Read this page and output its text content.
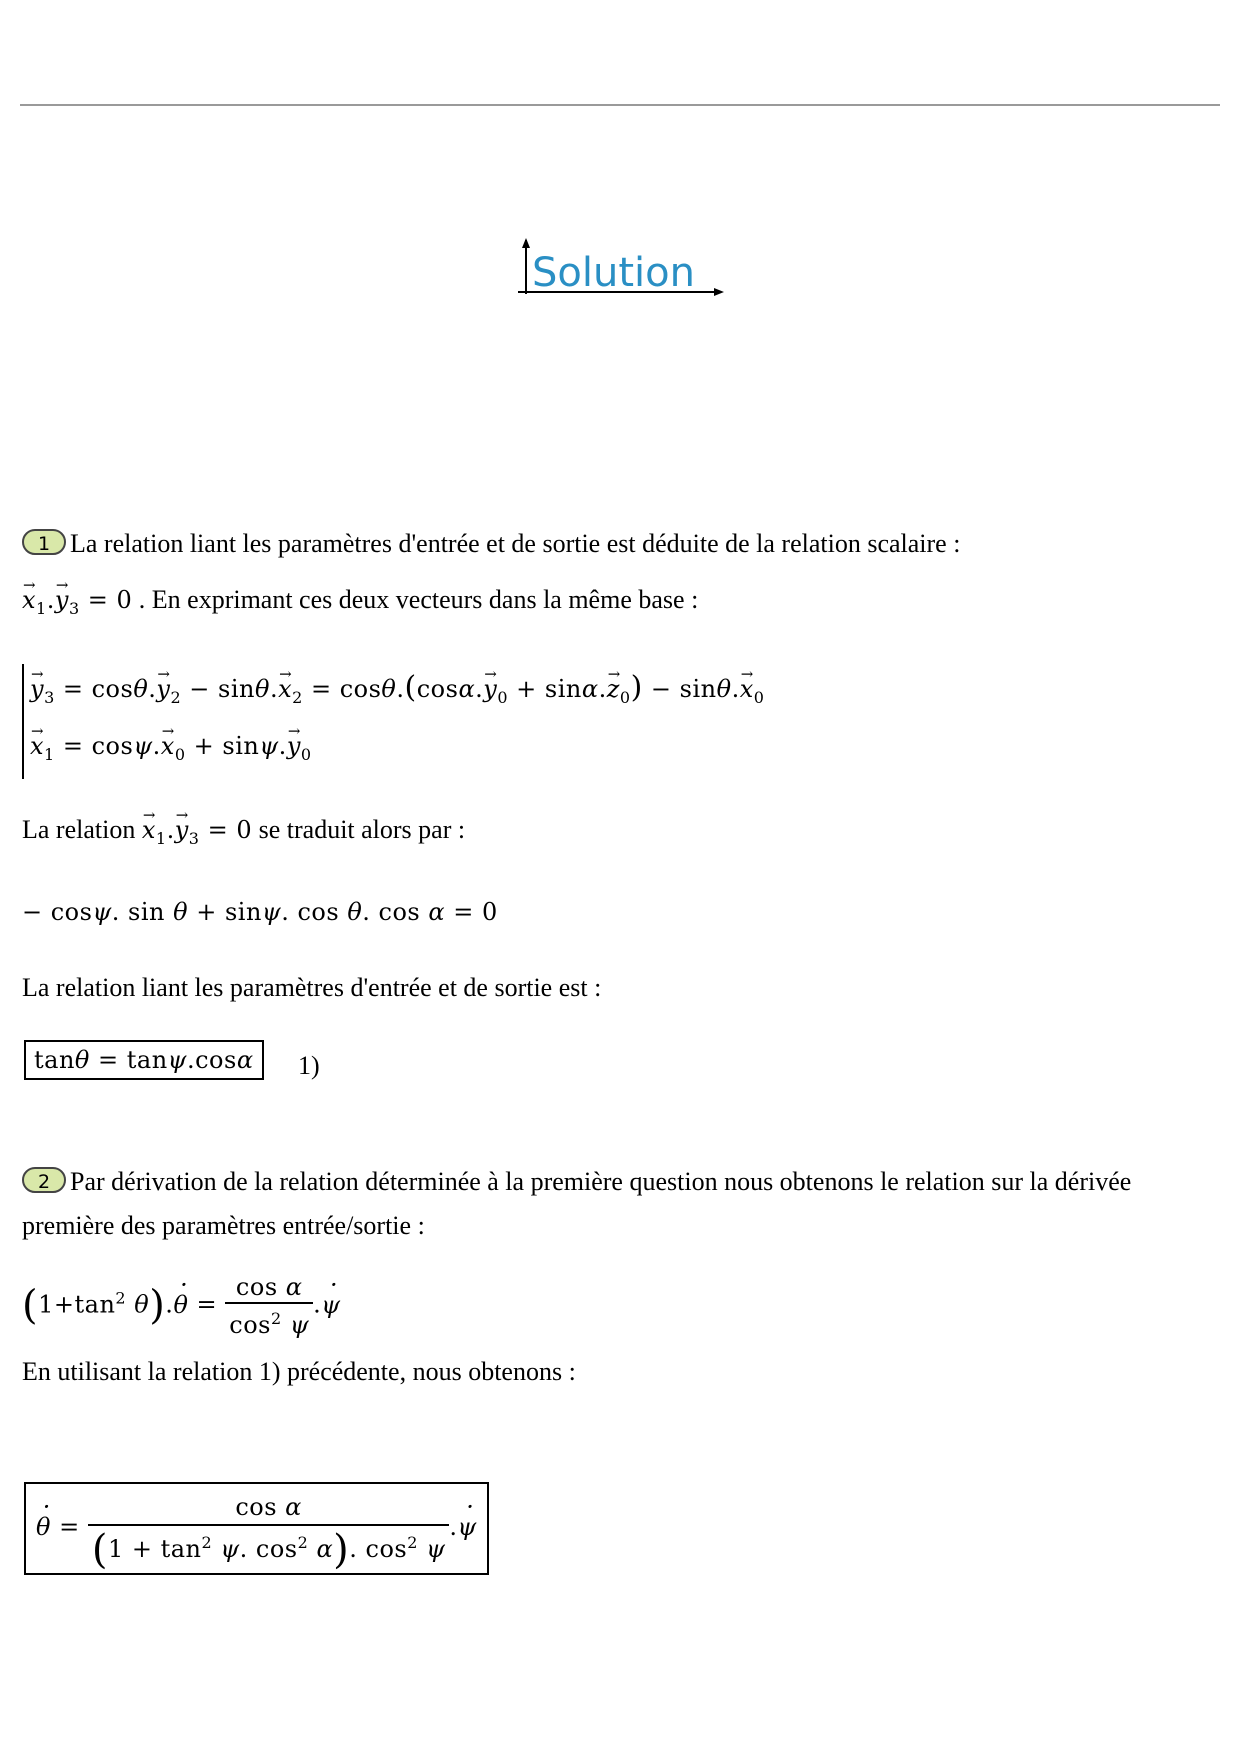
Solution
1 La relation liant les paramètres d'entrée et de sortie est déduite de la relation scalaire :
→ $x_1.\to y_3 = 0$ . En exprimant ces deux vecteurs dans la même base :
→ $y_3 = \cos\theta.\to y_2 - \sin\theta.\to x_2 = \cos\theta.(\cos\alpha.\to y_0 + \sin\alpha.\to z_0) - \sin\theta.\to x_0$
→ $x_1 = \cos\psi.\to x_0 + \sin\psi.\to y_0$
La relation → $x_1.\to y_3 = 0$ se traduit alors par :
− cosψ. sin θ + sinψ. cos θ. cos α = 0
La relation liant les paramètres d'entrée et de sortie est :
tanθ = tanψ.cosα	1)
2 Par dérivation de la relation déterminée à la première question nous obtenons le relation sur la dérivée première des paramètres entrée/sortie :
($1+\tan^2$ $\theta).\cdot \theta = \frac{\text{cos α}}{\cos^2 \psi}$ .· ψ
En utilisant la relation 1) précédente, nous obtenons :
· $\theta = \frac{\text{cos α}}{(1 + \tan^2 \psi. \cos^2 \alpha). \cos^2 \psi}$ .· ψ
